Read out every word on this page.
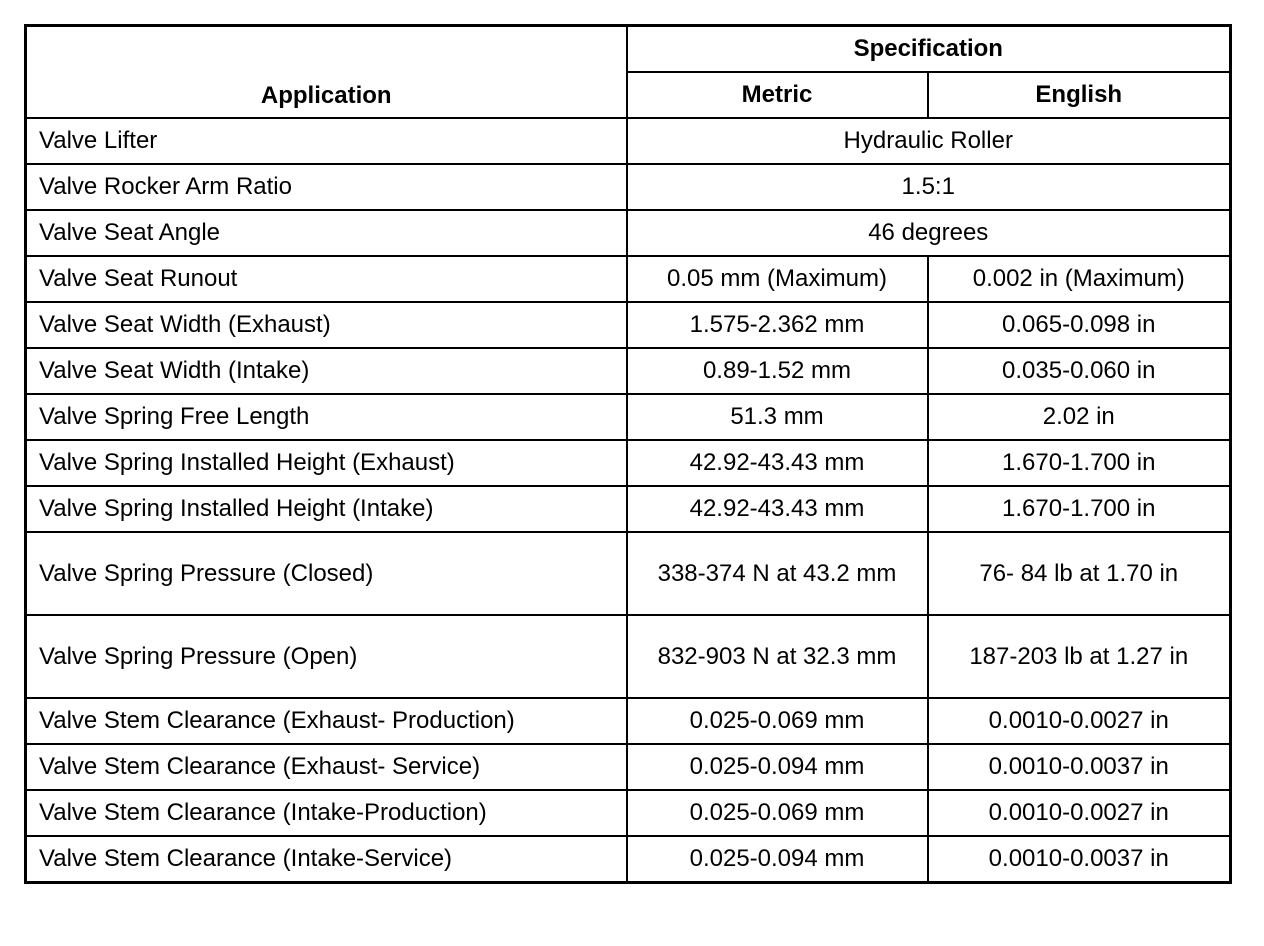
Application	Specification	
	Metric	English
Valve Lifter	Hydraulic Roller	
Valve Rocker Arm Ratio	1.5:1	
Valve Seat Angle	46 degrees	
Valve Seat Runout	0.05 mm (Maximum)	0.002 in (Maximum)
Valve Seat Width (Exhaust)	1.575-2.362 mm	0.065-0.098 in
Valve Seat Width (Intake)	0.89-1.52 mm	0.035-0.060 in
Valve Spring Free Length	51.3 mm	2.02 in
Valve Spring Installed Height (Exhaust)	42.92-43.43 mm	1.670-1.700 in
Valve Spring Installed Height (Intake)	42.92-43.43 mm	1.670-1.700 in
Valve Spring Pressure (Closed)	338-374 N at 43.2 mm	76- 84 lb at 1.70 in
Valve Spring Pressure (Open)	832-903 N at 32.3 mm	187-203 lb at 1.27 in
Valve Stem Clearance (Exhaust- Production)	0.025-0.069 mm	0.0010-0.0027 in
Valve Stem Clearance (Exhaust- Service)	0.025-0.094 mm	0.0010-0.0037 in
Valve Stem Clearance (Intake-Production)	0.025-0.069 mm	0.0010-0.0027 in
Valve Stem Clearance (Intake-Service)	0.025-0.094 mm	0.0010-0.0037 in
